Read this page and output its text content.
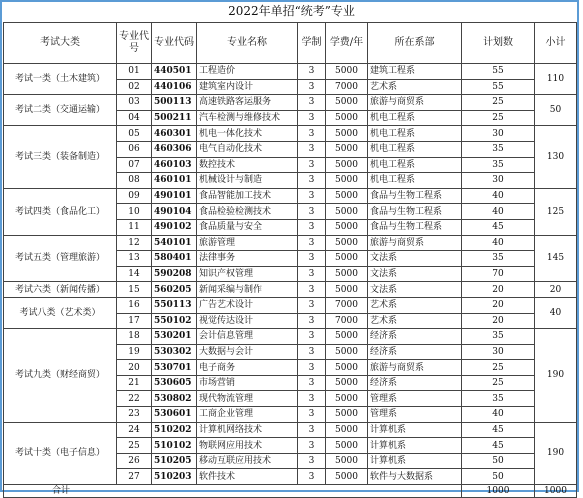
2022年单招“统考”专业
考试大类	专业代号	专业代码	专业名称	学制	学费/年	所在系部	计划数	小计
考试一类（土木建筑）	01	440501	工程造价	3	5000	建筑工程系	55	110
	02	440106	建筑室内设计	3	7000	艺术系	55	
考试二类（交通运输）	03	500113	高速铁路客运服务	3	5000	旅游与商贸系	25	50
	04	500211	汽车检测与维修技术	3	5000	机电工程系	25	
考试三类（装备制造）	05	460301	机电一体化技术	3	5000	机电工程系	30	130
	06	460306	电气自动化技术	3	5000	机电工程系	35	
	07	460103	数控技术	3	5000	机电工程系	35	
	08	460101	机械设计与制造	3	5000	机电工程系	30	
考试四类（食品化工）	09	490101	食品智能加工技术	3	5000	食品与生物工程系	40	125
	10	490104	食品检验检测技术	3	5000	食品与生物工程系	40	
	11	490102	食品质量与安全	3	5000	食品与生物工程系	45	
考试五类（管理旅游）	12	540101	旅游管理	3	5000	旅游与商贸系	40	145
	13	580401	法律事务	3	5000	文法系	35	
	14	590208	知识产权管理	3	5000	文法系	70	
考试六类（新闻传播）	15	560205	新闻采编与制作	3	5000	文法系	20	20
考试八类（艺术类）	16	550113	广告艺术设计	3	7000	艺术系	20	40
	17	550102	视觉传达设计	3	7000	艺术系	20	
考试九类（财经商贸）	18	530201	会计信息管理	3	5000	经济系	35	190
	19	530302	大数据与会计	3	5000	经济系	30	
	20	530701	电子商务	3	5000	旅游与商贸系	25	
	21	530605	市场营销	3	5000	经济系	25	
	22	530802	现代物流管理	3	5000	管理系	35	
	23	530601	工商企业管理	3	5000	管理系	40	
考试十类（电子信息）	24	510202	计算机网络技术	3	5000	计算机系	45	190
	25	510102	物联网应用技术	3	5000	计算机系	45	
	26	510205	移动互联应用技术	3	5000	计算机系	50	
	27	510203	软件技术	3	5000	软件与大数据系	50	
合计							1000	1000
